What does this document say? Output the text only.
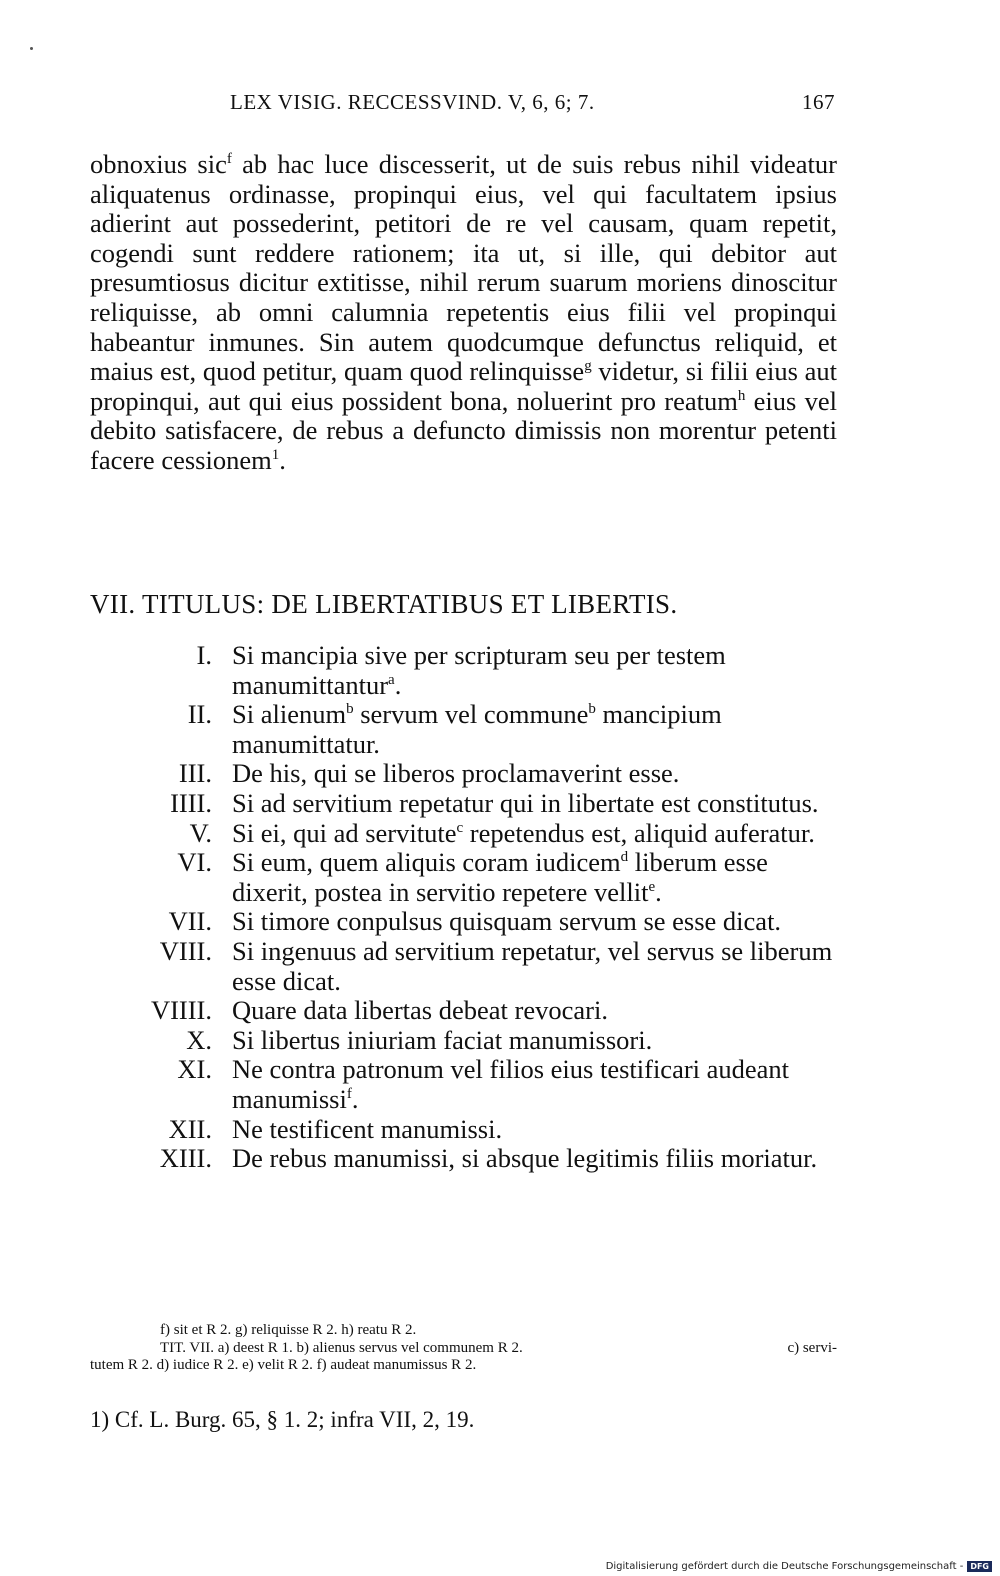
LEX VISIG. RECCESSVIND. V, 6, 6; 7.	167

obnoxius sic$^f$ ab hac luce discesserit, ut de suis rebus nihil videatur aliquatenus ordinasse, propinqui eius, vel qui facultatem ipsius adierint aut possederint, petitori de re vel causam, quam repetit, cogendi sunt reddere rationem; ita ut, si ille, qui debitor aut presumtiosus dicitur extitisse, nihil rerum suarum moriens dinoscitur reliquisse, ab omni calumnia repetentis eius filii vel propinqui habeantur inmunes. Sin autem quodcumque defunctus reliquid, et maius est, quod petitur, quam quod relinquisse$^g$ videtur, si filii eius aut propinqui, aut qui eius possident bona, noluerint pro reatum$^h$ eius vel debito satisfacere, de rebus a defuncto dimissis non morentur petenti facere cessionem$^1$.

VII. TITULUS: DE LIBERTATIBUS ET LIBERTIS.
I. Si mancipia sive per scripturam seu per testem manumittantur$^a$.
II. Si alienum$^b$ servum vel commune$^b$ mancipium manumittatur.
III. De his, qui se liberos proclamaverint esse.
IIII. Si ad servitium repetatur qui in libertate est constitutus.
V. Si ei, qui ad servitute$^c$ repetendus est, aliquid auferatur.
VI. Si eum, quem aliquis coram iudicem$^d$ liberum esse dixerit, postea in servitio repetere vellit$^e$.
VII. Si timore conpulsus quisquam servum se esse dicat.
VIII. Si ingenuus ad servitium repetatur, vel servus se liberum esse dicat.
VIIII. Quare data libertas debeat revocari.
X. Si libertus iniuriam faciat manumissori.
XI. Ne contra patronum vel filios eius testificari audeant manumissi$^f$.
XII. Ne testificent manumissi.
XIII. De rebus manumissi, si absque legitimis filiis moriatur.
f) sit et R 2. g) reliquisse R 2. h) reatu R 2.
TIT. VII. a) deest R 1. b) alienus servus vel communem R 2.	c) servi-
tutem R 2. d) iudice R 2. e) velit R 2. f) audeat manumissus R 2.
1) Cf. L. Burg. 65, § 1. 2; infra VII, 2, 19.
Digitalisierung gefördert durch die Deutsche Forschungsgemeinschaft - DFG
